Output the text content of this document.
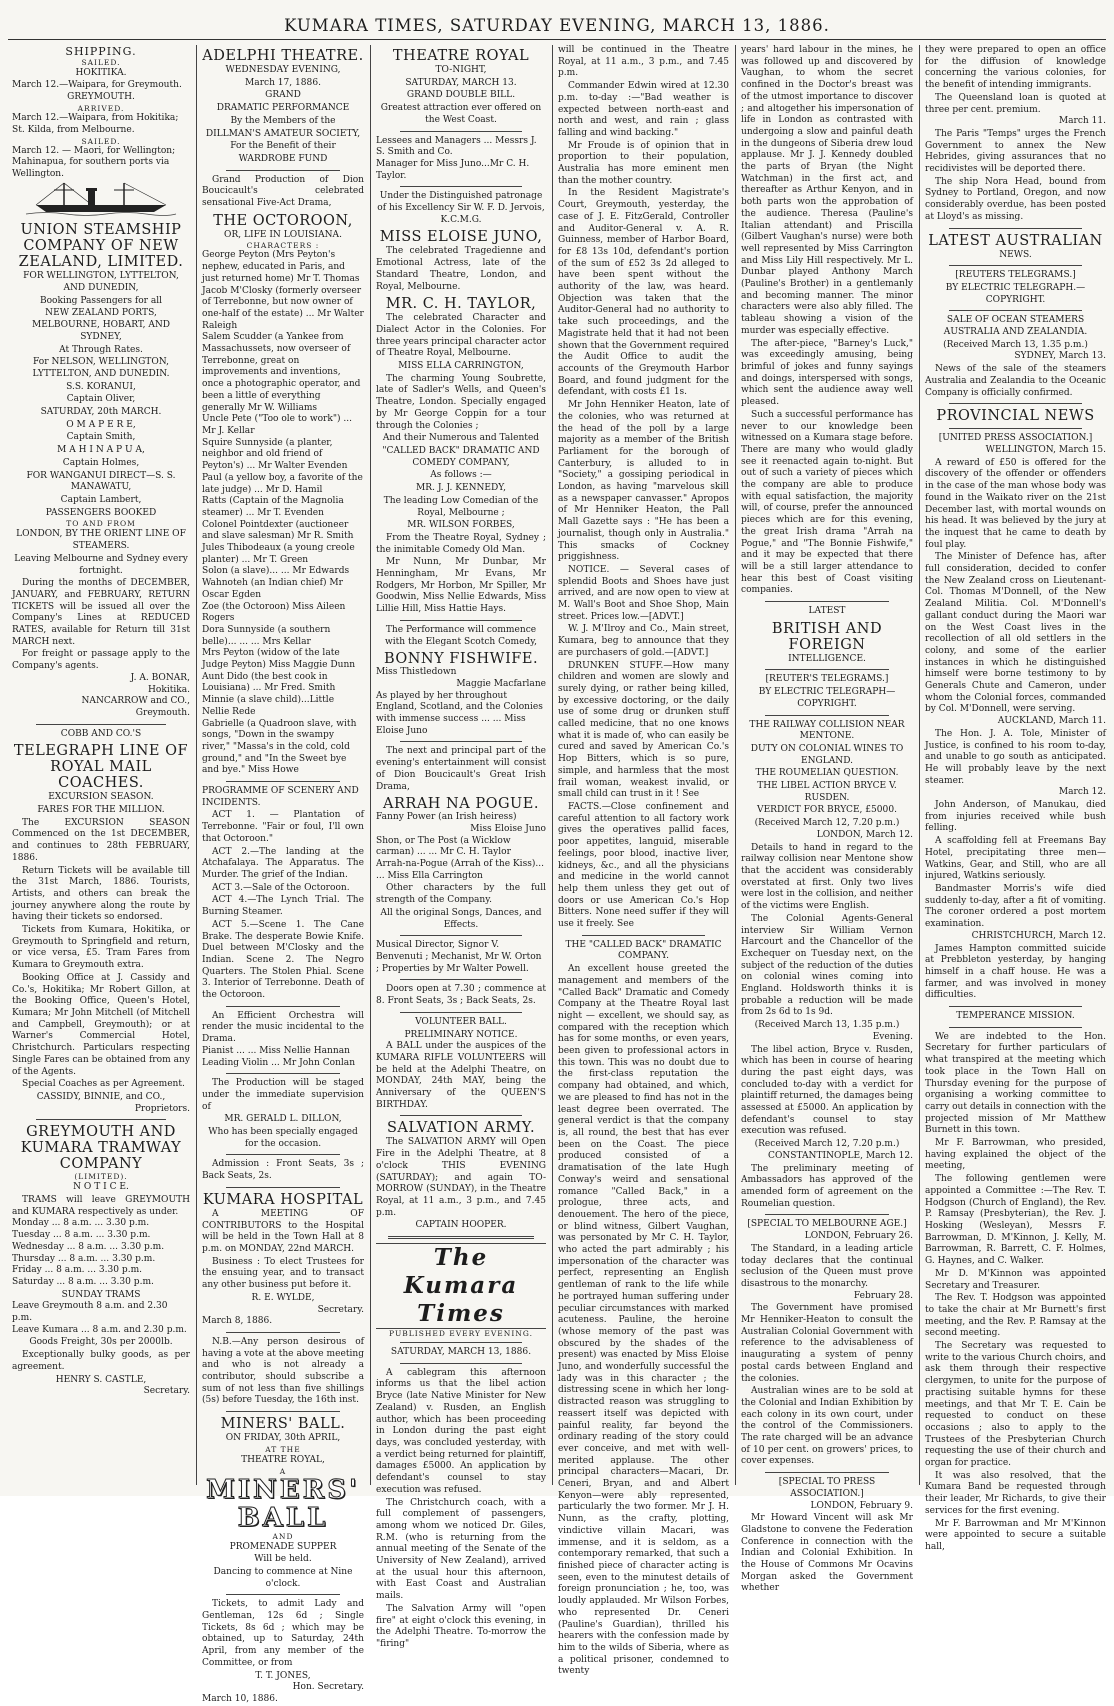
KUMARA TIMES, SATURDAY EVENING, MARCH 13, 1886.

SHIPPING.

SAILED.

HOKITIKA.

March 12.—Waipara, for Greymouth.

GREYMOUTH.

ARRIVED.

March 12.—Waipara, from Hokitika; St. Kilda, from Melbourne.

SAILED.

March 12. — Maori, for Wellington; Mahinapua, for southern ports via Wellington.

UNION STEAMSHIP COMPANY OF NEW ZEALAND, LIMITED.

FOR WELLINGTON, LYTTELTON, AND DUNEDIN,

Booking Passengers for all

NEW ZEALAND PORTS, MELBOURNE, HOBART, AND SYDNEY,

At Through Rates.

For NELSON, WELLINGTON, LYTTELTON, AND DUNEDIN.

S.S. KORANUI,

Captain Oliver,

SATURDAY, 20th MARCH.

O M A P E R E,

Captain Smith,

M A H I N A P U A,

Captain Holmes,

FOR WANGANUI DIRECT—S. S. MANAWATU,

Captain Lambert,

PASSENGERS BOOKED

TO AND FROM

LONDON, BY THE ORIENT LINE OF STEAMERS.

Leaving Melbourne and Sydney every fortnight.

During the months of DECEMBER, JANUARY, and FEBRUARY, RETURN TICKETS will be issued all over the Company's Lines at REDUCED RATES, available for Return till 31st MARCH next.

For freight or passage apply to the Company's agents.

J. A. BONAR,

Hokitika.

NANCARROW and CO.,

Greymouth.

COBB AND CO.'S

TELEGRAPH LINE OF ROYAL MAIL COACHES.

EXCURSION SEASON.

FARES FOR THE MILLION.

The EXCURSION SEASON Commenced on the 1st DECEMBER, and continues to 28th FEBRUARY, 1886.

Return Tickets will be available till the 31st March, 1886. Tourists, Artists, and others can break the journey anywhere along the route by having their tickets so endorsed.

Tickets from Kumara, Hokitika, or Greymouth to Springfield and return, or vice versa, £5. Tram Fares from Kumara to Greymouth extra.

Booking Office at J. Cassidy and Co.'s, Hokitika; Mr Robert Gillon, at the Booking Office, Queen's Hotel, Kumara; Mr John Mitchell (of Mitchell and Campbell, Greymouth); or at Warner's Commercial Hotel, Christchurch. Particulars respecting Single Fares can be obtained from any of the Agents.

Special Coaches as per Agreement.

CASSIDY, BINNIE, and CO.,

Proprietors.

GREYMOUTH AND KUMARA TRAMWAY COMPANY

(LIMITED).

N O T I C E.

TRAMS will leave GREYMOUTH and KUMARA respectively as under.

Monday ... 8 a.m. ... 3.30 p.m.

Tuesday ... 8 a.m. ... 3.30 p.m.

Wednesday ... 8 a.m. ... 3.30 p.m.

Thursday ... 8 a.m. ... 3.30 p.m.

Friday ... 8 a.m. ... 3.30 p.m.

Saturday ... 8 a.m. ... 3.30 p.m.

SUNDAY TRAMS

Leave Greymouth 8 a.m. and 2.30 p.m.

Leave Kumara ... 8 a.m. and 2.30 p.m.

Goods Freight, 30s per 2000lb.

Exceptionally bulky goods, as per agreement.

HENRY S. CASTLE,

Secretary.

ADELPHI THEATRE.

WEDNESDAY EVENING,

March 17, 1886.

GRAND

DRAMATIC PERFORMANCE

By the Members of the

DILLMAN'S AMATEUR SOCIETY,

For the Benefit of their

WARDROBE FUND

Grand Production of Dion Boucicault's celebrated sensational Five-Act Drama,

THE OCTOROON,

OR, LIFE IN LOUISIANA.

CHARACTERS :

George Peyton (Mrs Peyton's nephew, educated in Paris, and just returned home) Mr T. Thomas

Jacob M'Closky (formerly overseer of Terrebonne, but now owner of one-half of the estate) ... Mr Walter Raleigh

Salem Scudder (a Yankee from Massachussets, now overseer of Terrebonne, great on improvements and inventions, once a photographic operator, and been a little of everything generally Mr W. Williams

Uncle Pete ("Too ole to work") ... Mr J. Kellar

Squire Sunnyside (a planter, neighbor and old friend of Peyton's) ... Mr Walter Evenden

Paul (a yellow boy, a favorite of the late judge) ... Mr D. Hamil

Ratts (Captain of the Magnolia steamer) ... Mr T. Evenden

Colonel Pointdexter (auctioneer and slave salesman) Mr R. Smith

Jules Thibodeaux (a young creole planter) ... Mr T. Green

Solon (a slave)... ... Mr Edwards

Wahnoteh (an Indian chief) Mr Oscar Egden

Zoe (the Octoroon) Miss Aileen Rogers

Dora Sunnyside (a southern belle)... ... ... Mrs Kellar

Mrs Peyton (widow of the late Judge Peyton) Miss Maggie Dunn

Aunt Dido (the best cook in Louisiana) ... Mr Fred. Smith

Minnie (a slave child)...Little Nellie Rede

Gabrielle (a Quadroon slave, with songs, "Down in the swampy river," "Massa's in the cold, cold ground," and "In the Sweet bye and bye." Miss Howe

PROGRAMME OF SCENERY AND INCIDENTS.

ACT 1. — Plantation of Terrebonne. "Fair or foul, I'll own that Octoroon."

ACT 2.—The landing at the Atchafalaya. The Apparatus. The Murder. The grief of the Indian.

ACT 3.—Sale of the Octoroon.

ACT 4.—The Lynch Trial. The Burning Steamer.

ACT 5.—Scene 1. The Cane Brake. The desperate Bowie Knife. Duel between M'Closky and the Indian. Scene 2. The Negro Quarters. The Stolen Phial. Scene 3. Interior of Terrebonne. Death of the Octoroon.

An Efficient Orchestra will render the music incidental to the Drama.

Pianist ... ... Miss Nellie Hannan

Leading Violin ... Mr John Conlan

The Production will be staged under the immediate supervision of

MR. GERALD L. DILLON,

Who has been specially engaged for the occasion.

Admission : Front Seats, 3s ; Back Seats, 2s.

KUMARA HOSPITAL

A MEETING OF CONTRIBUTORS to the Hospital will be held in the Town Hall at 8 p.m. on MONDAY, 22nd MARCH.

Business : To elect Trustees for the ensuing year, and to transact any other business put before it.

R. E. WYLDE,

Secretary.

March 8, 1886.

N.B.—Any person desirous of having a vote at the above meeting and who is not already a contributor, should subscribe a sum of not less than five shillings (5s) before Tuesday, the 16th inst.

MINERS' BALL.

ON FRIDAY, 30th APRIL,

AT THE

THEATRE ROYAL,

A

MINERS' BALL

AND

PROMENADE SUPPER

Will be held.

Dancing to commence at Nine o'clock.

Tickets, to admit Lady and Gentleman, 12s 6d ; Single Tickets, 8s 6d ; which may be obtained, up to Saturday, 24th April, from any member of the Committee, or from

T. T. JONES,

Hon. Secretary.

March 10, 1886.

THEATRE ROYAL

TO-NIGHT,

SATURDAY, MARCH 13.

GRAND DOUBLE BILL.

Greatest attraction ever offered on the West Coast.

Lessees and Managers ... Messrs J. S. Smith and Co.

Manager for Miss Juno...Mr C. H. Taylor.

Under the Distinguished patronage of his Excellency Sir W. F. D. Jervois, K.C.M.G.

MISS ELOISE JUNO,

The celebrated Tragedienne and Emotional Actress, late of the Standard Theatre, London, and Royal, Melbourne.

MR. C. H. TAYLOR,

The celebrated Character and Dialect Actor in the Colonies. For three years principal character actor of Theatre Royal, Melbourne.

MISS ELLA CARRINGTON,

The charming Young Soubrette, late of Sadler's Wells, and Queen's Theatre, London. Specially engaged by Mr George Coppin for a tour through the Colonies ;

And their Numerous and Talented

"CALLED BACK" DRAMATIC AND COMEDY COMPANY,

As follows :—

MR. J. J. KENNEDY,

The leading Low Comedian of the Royal, Melbourne ;

MR. WILSON FORBES,

From the Theatre Royal, Sydney ; the inimitable Comedy Old Man.

Mr Nunn, Mr Dunbar, Mr Henningham, Mr Evans, Mr Rodgers, Mr Horbon, Mr Spiller, Mr Goodwin, Miss Nellie Edwards, Miss Lillie Hill, Miss Hattie Hays.

The Performance will commence with the Elegant Scotch Comedy,

BONNY FISHWIFE.

Miss Thistledown

Maggie Macfarlane

As played by her throughout England, Scotland, and the Colonies with immense success ... ... Miss Eloise Juno

The next and principal part of the evening's entertainment will consist of Dion Boucicault's Great Irish Drama,

ARRAH NA POGUE.

Fanny Power (an Irish heiress)

Miss Eloise Juno

Shon, or The Post (a Wicklow carman) ... ... Mr C. H. Taylor

Arrah-na-Pogue (Arrah of the Kiss)... ... Miss Ella Carrington

Other characters by the full strength of the Company.

All the original Songs, Dances, and Effects.

Musical Director, Signor V. Benvenuti ; Mechanist, Mr W. Orton ; Properties by Mr Walter Powell.

Doors open at 7.30 ; commence at 8. Front Seats, 3s ; Back Seats, 2s.

VOLUNTEER BALL.

PRELIMINARY NOTICE.

A BALL under the auspices of the KUMARA RIFLE VOLUNTEERS will be held at the Adelphi Theatre, on MONDAY, 24th MAY, being the Anniversary of the QUEEN'S BIRTHDAY.

SALVATION ARMY.

The SALVATION ARMY will Open Fire in the Adelphi Theatre, at 8 o'clock THIS EVENING (SATURDAY); and again TO-MORROW (SUNDAY), in the Theatre Royal, at 11 a.m., 3 p.m., and 7.45 p.m.

CAPTAIN HOOPER.

The Kumara Times

PUBLISHED EVERY EVENING.

SATURDAY, MARCH 13, 1886.

A cablegram this afternoon informs us that the libel action Bryce (late Native Minister for New Zealand) v. Rusden, an English author, which has been proceeding in London during the past eight days, was concluded yesterday, with a verdict being returned for plaintiff, damages £5000. An application by defendant's counsel to stay execution was refused.

The Christchurch coach, with a full complement of passengers, among whom we noticed Dr. Giles, R.M. (who is returning from the annual meeting of the Senate of the University of New Zealand), arrived at the usual hour this afternoon, with East Coast and Australian mails.

The Salvation Army will "open fire" at eight o'clock this evening, in the Adelphi Theatre. To-morrow the "firing"

will be continued in the Theatre Royal, at 11 a.m., 3 p.m., and 7.45 p.m.

Commander Edwin wired at 12.30 p.m. to-day :—"Bad weather is expected between north-east and north and west, and rain ; glass falling and wind backing."

Mr Froude is of opinion that in proportion to their population, Australia has more eminent men than the mother country.

In the Resident Magistrate's Court, Greymouth, yesterday, the case of J. E. FitzGerald, Controller and Auditor-General v. A. R. Guinness, member of Harbor Board, for £8 13s 10d, defendant's portion of the sum of £52 3s 2d alleged to have been spent without the authority of the law, was heard. Objection was taken that the Auditor-General had no authority to take such proceedings, and the Magistrate held that it had not been shown that the Government required the Audit Office to audit the accounts of the Greymouth Harbor Board, and found judgment for the defendant, with costs £1 1s.

Mr John Henniker Heaton, late of the colonies, who was returned at the head of the poll by a large majority as a member of the British Parliament for the borough of Canterbury, is alluded to in "Society," a gossiping periodical in London, as having "marvelous skill as a newspaper canvasser." Apropos of Mr Henniker Heaton, the Pall Mall Gazette says : "He has been a journalist, though only in Australia." This smacks of Cockney priggishness.

NOTICE. — Several cases of splendid Boots and Shoes have just arrived, and are now open to view at M. Wall's Boot and Shoe Shop, Main street. Prices low.—[ADVT.]

W. J. M'Ilroy and Co., Main street, Kumara, beg to announce that they are purchasers of gold.—[ADVT.]

DRUNKEN STUFF.—How many children and women are slowly and surely dying, or rather being killed, by excessive doctoring, or the daily use of some drug or drunken stuff called medicine, that no one knows what it is made of, who can easily be cured and saved by American Co.'s Hop Bitters, which is so pure, simple, and harmless that the most frail woman, weakest invalid, or small child can trust in it ! See

FACTS.—Close confinement and careful attention to all factory work gives the operatives pallid faces, poor appetites, languid, miserable feelings, poor blood, inactive liver, kidneys, &c., and all the physicians and medicine in the world cannot help them unless they get out of doors or use American Co.'s Hop Bitters. None need suffer if they will use it freely. See

THE "CALLED BACK" DRAMATIC COMPANY.

An excellent house greeted the management and members of the "Called Back" Dramatic and Comedy Company at the Theatre Royal last night — excellent, we should say, as compared with the reception which has for some months, or even years, been given to professional actors in this town. This was no doubt due to the first-class reputation the company had obtained, and which, we are pleased to find has not in the least degree been overrated. The general verdict is that the company is, all round, the best that has ever been on the Coast. The piece produced consisted of a dramatisation of the late Hugh Conway's weird and sensational romance "Called Back," in a prologue, three acts, and denouement. The hero of the piece, or blind witness, Gilbert Vaughan, was personated by Mr C. H. Taylor, who acted the part admirably ; his impersonation of the character was perfect, representing an English gentleman of rank to the life while he portrayed human suffering under peculiar circumstances with marked acuteness. Pauline, the heroine (whose memory of the past was obscured by the shades of the present) was enacted by Miss Eloise Juno, and wonderfully successful the lady was in this character ; the distressing scene in which her long-distracted reason was struggling to reassert itself was depicted with painful reality, far beyond the ordinary reading of the story could ever conceive, and met with well-merited applause. The other principal characters—Macari, Dr. Ceneri, Bryan, and and Albert Kenyon—were ably represented, particularly the two former. Mr J. H. Nunn, as the crafty, plotting, vindictive villain Macari, was immense, and it is seldom, as a contemporary remarked, that such a finished piece of character acting is seen, even to the minutest details of foreign pronunciation ; he, too, was loudly applauded. Mr Wilson Forbes, who represented Dr. Ceneri (Pauline's Guardian), thrilled his hearers with the confession made by him to the wilds of Siberia, where as a political prisoner, condemned to twenty

years' hard labour in the mines, he was followed up and discovered by Vaughan, to whom the secret confined in the Doctor's breast was of the utmost importance to discover ; and altogether his impersonation of life in London as contrasted with undergoing a slow and painful death in the dungeons of Siberia drew loud applause. Mr J. J. Kennedy doubled the parts of Bryan (the Night Watchman) in the first act, and thereafter as Arthur Kenyon, and in both parts won the approbation of the audience. Theresa (Pauline's Italian attendant) and Priscilla (Gilbert Vaughan's nurse) were both well represented by Miss Carrington and Miss Lily Hill respectively. Mr L. Dunbar played Anthony March (Pauline's Brother) in a gentlemanly and becoming manner. The minor characters were also ably filled. The tableau showing a vision of the murder was especially effective.

The after-piece, "Barney's Luck," was exceedingly amusing, being brimful of jokes and funny sayings and doings, interspersed with songs, which sent the audience away well pleased.

Such a successful performance has never to our knowledge been witnessed on a Kumara stage before. There are many who would gladly see it reenacted again to-night. But out of such a variety of pieces which the company are able to produce with equal satisfaction, the majority will, of course, prefer the announced pieces which are for this evening, the great Irish drama "Arrah na Pogue," and "The Bonnie Fishwife," and it may be expected that there will be a still larger attendance to hear this best of Coast visiting companies.

LATEST

BRITISH AND FOREIGN

INTELLIGENCE.

[REUTER'S TELEGRAMS.]

BY ELECTRIC TELEGRAPH—COPYRIGHT.

THE RAILWAY COLLISION NEAR MENTONE.

DUTY ON COLONIAL WINES TO ENGLAND.

THE ROUMELIAN QUESTION.

THE LIBEL ACTION BRYCE V. RUSDEN.

VERDICT FOR BRYCE, £5000.

(Received March 12, 7.20 p.m.)

LONDON, March 12.

Details to hand in regard to the railway collision near Mentone show that the accident was considerably overstated at first. Only two lives were lost in the collision, and neither of the victims were English.

The Colonial Agents-General interview Sir William Vernon Harcourt and the Chancellor of the Exchequer on Tuesday next, on the subject of the reduction of the duties on colonial wines coming into England. Holdsworth thinks it is probable a reduction will be made from 2s 6d to 1s 9d.

(Received March 13, 1.35 p.m.)

Evening.

The libel action, Bryce v. Rusden, which has been in course of hearing during the past eight days, was concluded to-day with a verdict for plaintiff returned, the damages being assessed at £5000. An application by defendant's counsel to stay execution was refused.

(Received March 12, 7.20 p.m.)

CONSTANTINOPLE, March 12.

The preliminary meeting of Ambassadors has approved of the amended form of agreement on the Roumelian question.

[SPECIAL TO MELBOURNE AGE.]

LONDON, February 26.

The Standard, in a leading article today declares that the continual seclusion of the Queen must prove disastrous to the monarchy.

February 28.

The Government have promised Mr Henniker-Heaton to consult the Australian Colonial Government with reference to the advisableness of inaugurating a system of penny postal cards between England and the colonies.

Australian wines are to be sold at the Colonial and Indian Exhibition by each colony in its own court, under the control of the Commissioners. The rate charged will be an advance of 10 per cent. on growers' prices, to cover expenses.

[SPECIAL TO PRESS ASSOCIATION.]

LONDON, February 9.

Mr Howard Vincent will ask Mr Gladstone to convene the Federation Conference in connection with the Indian and Colonial Exhibition. In the House of Commons Mr Ocavins Morgan asked the Government whether

they were prepared to open an office for the diffusion of knowledge concerning the various colonies, for the benefit of intending immigrants.

The Queensland loan is quoted at three per cent. premium.

March 11.

The Paris "Temps" urges the French Government to annex the New Hebrides, giving assurances that no recidivistes will be deported there.

The ship Nora Head, bound from Sydney to Portland, Oregon, and now considerably overdue, has been posted at Lloyd's as missing.

LATEST AUSTRALIAN

NEWS.

[REUTERS TELEGRAMS.]

BY ELECTRIC TELEGRAPH.—COPYRIGHT.

SALE OF OCEAN STEAMERS AUSTRALIA AND ZEALANDIA.

(Received March 13, 1.35 p.m.)

SYDNEY, March 13.

News of the sale of the steamers Australia and Zealandia to the Oceanic Company is officially confirmed.

PROVINCIAL NEWS

[UNITED PRESS ASSOCIATION.]

WELLINGTON, March 15.

A reward of £50 is offered for the discovery of the offender or offenders in the case of the man whose body was found in the Waikato river on the 21st December last, with mortal wounds on his head. It was believed by the jury at the inquest that he came to death by foul play.

The Minister of Defence has, after full consideration, decided to confer the New Zealand cross on Lieutenant-Col. Thomas M'Donnell, of the New Zealand Militia. Col. M'Donnell's gallant conduct during the Maori war on the West Coast lives in the recollection of all old settlers in the colony, and some of the earlier instances in which he distinguished himself were borne testimony to by Generals Chute and Cameron, under whom the Colonial forces, commanded by Col. M'Donnell, were serving.

AUCKLAND, March 11.

The Hon. J. A. Tole, Minister of Justice, is confined to his room to-day, and unable to go south as anticipated. He will probably leave by the next steamer.

March 12.

John Anderson, of Manukau, died from injuries received while bush felling.

A scaffolding fell at Freemans Bay Hotel, precipitating three men—Watkins, Gear, and Still, who are all injured, Watkins seriously.

Bandmaster Morris's wife died suddenly to-day, after a fit of vomiting. The coroner ordered a post mortem examination.

CHRISTCHURCH, March 12.

James Hampton committed suicide at Prebbleton yesterday, by hanging himself in a chaff house. He was a farmer, and was involved in money difficulties.

TEMPERANCE MISSION.

We are indebted to the Hon. Secretary for further particulars of what transpired at the meeting which took place in the Town Hall on Thursday evening for the purpose of organising a working committee to carry out details in connection with the projected mission of Mr Matthew Burnett in this town.

Mr F. Barrowman, who presided, having explained the object of the meeting,

The following gentlemen were appointed a Committee :—The Rev. T. Hodgson (Church of England), the Rev. P. Ramsay (Presbyterian), the Rev. J. Hosking (Wesleyan), Messrs F. Barrowman, D. M'Kinnon, J. Kelly, M. Barrowman, R. Barrett, C. F. Holmes, G. Haynes, and C. Walker.

Mr D. M'Kinnon was appointed Secretary and Treasurer.

The Rev. T. Hodgson was appointed to take the chair at Mr Burnett's first meeting, and the Rev. P. Ramsay at the second meeting.

The Secretary was requested to write to the various Church choirs, and ask them through their respective clergymen, to unite for the purpose of practising suitable hymns for these meetings, and that Mr T. E. Cain be requested to conduct on these occasions ; also to apply to the Trustees of the Presbyterian Church requesting the use of their church and organ for practice.

It was also resolved, that the Kumara Band be requested through their leader, Mr Richards, to give their services for the first evening.

Mr F. Barrowman and Mr M'Kinnon were appointed to secure a suitable hall,
